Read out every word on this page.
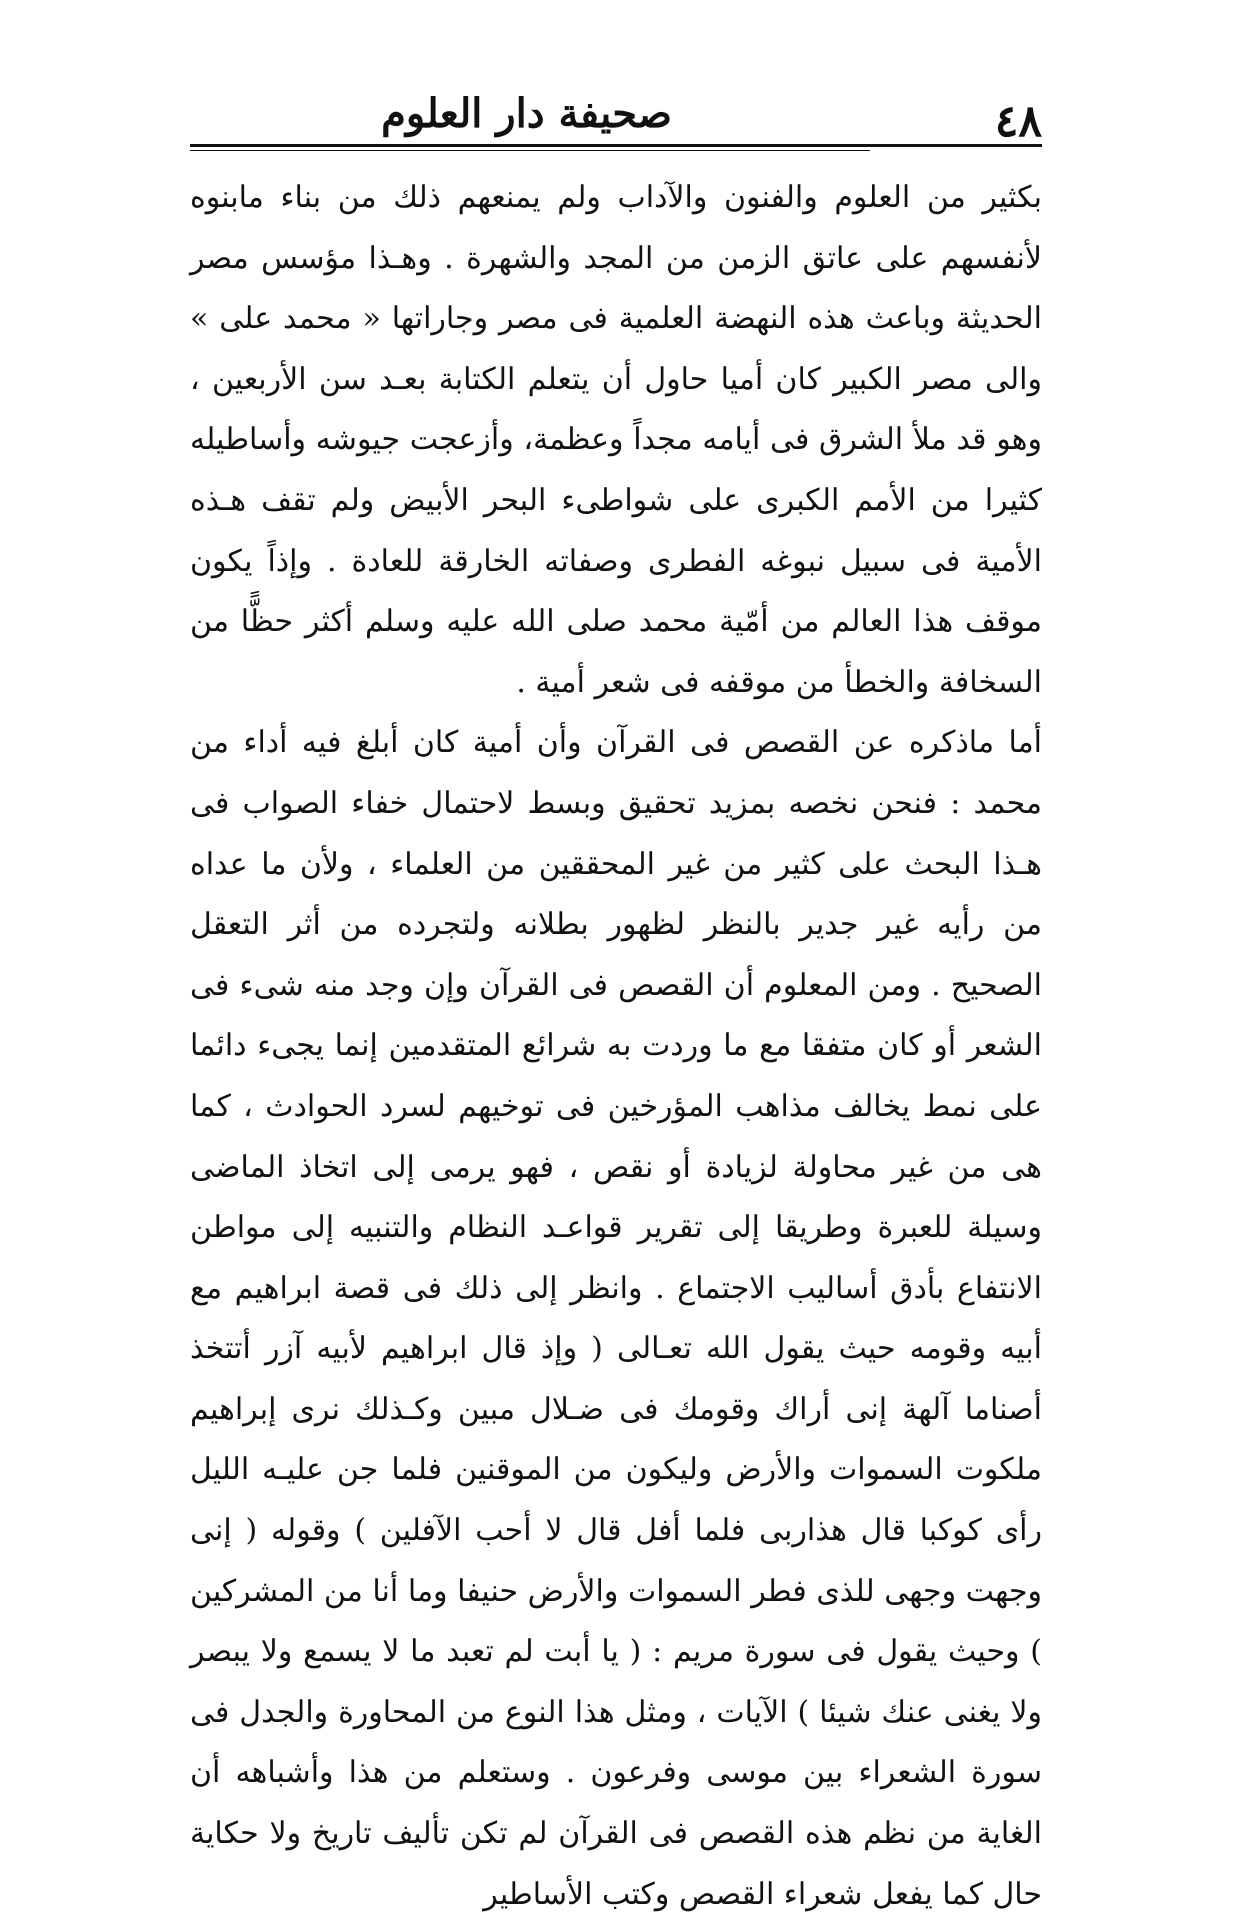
٤٨
صحيفة دار العلوم

بكثير من العلوم والفنون والآداب ولم يمنعهم ذلك من بناء مابنوه لأنفسهم على عاتق الزمن من المجد والشهرة . وهـذا مؤسس مصر الحديثة وباعث هذه النهضة العلمية فى مصر وجاراتها « محمد على » والى مصر الكبير كان أميا حاول أن يتعلم الكتابة بعـد سن الأربعين ، وهو قد ملأ الشرق فى أيامه مجداً وعظمة، وأزعجت جيوشه وأساطيله كثيرا من الأمم الكبرى على شواطىء البحر الأبيض ولم تقف هـذه الأمية فى سبيل نبوغه الفطرى وصفاته الخارقة للعادة . وإذاً يكون موقف هذا العالم من أمّية محمد صلى الله عليه وسلم أكثر حظًّا من السخافة والخطأ من موقفه فى شعر أمية .

أما ماذكره عن القصص فى القرآن وأن أمية كان أبلغ فيه أداء من محمد : فنحن نخصه بمزيد تحقيق وبسط لاحتمال خفاء الصواب فى هـذا البحث على كثير من غير المحققين من العلماء ، ولأن ما عداه من رأيه غير جدير بالنظر لظهور بطلانه ولتجرده من أثر التعقل الصحيح . ومن المعلوم أن القصص فى القرآن وإن وجد منه شىء فى الشعر أو كان متفقا مع ما وردت به شرائع المتقدمين إنما يجىء دائما على نمط يخالف مذاهب المؤرخين فى توخيهم لسرد الحوادث ، كما هى من غير محاولة لزيادة أو نقص ، فهو يرمى إلى اتخاذ الماضى وسيلة للعبرة وطريقا إلى تقرير قواعـد النظام والتنبيه إلى مواطن الانتفاع بأدق أساليب الاجتماع . وانظر إلى ذلك فى قصة ابراهيم مع أبيه وقومه حيث يقول الله تعـالى ( وإذ قال ابراهيم لأبيه آزر أتتخذ أصناما آلهة إنى أراك وقومك فى ضـلال مبين وكـذلك نرى إبراهيم ملكوت السموات والأرض وليكون من الموقنين فلما جن عليـه الليل رأى كوكبا قال هذاربى فلما أفل قال لا أحب الآفلين ) وقوله ( إنى وجهت وجهى للذى فطر السموات والأرض حنيفا وما أنا من المشركين ) وحيث يقول فى سورة مريم : ( يا أبت لم تعبد ما لا يسمع ولا يبصر ولا يغنى عنك شيئا ) الآيات ، ومثل هذا النوع من المحاورة والجدل فى سورة الشعراء بين موسى وفرعون . وستعلم من هذا وأشباهه أن الغاية من نظم هذه القصص فى القرآن لم تكن تأليف تاريخ ولا حكاية حال كما يفعل شعراء القصص وكتب الأساطير
